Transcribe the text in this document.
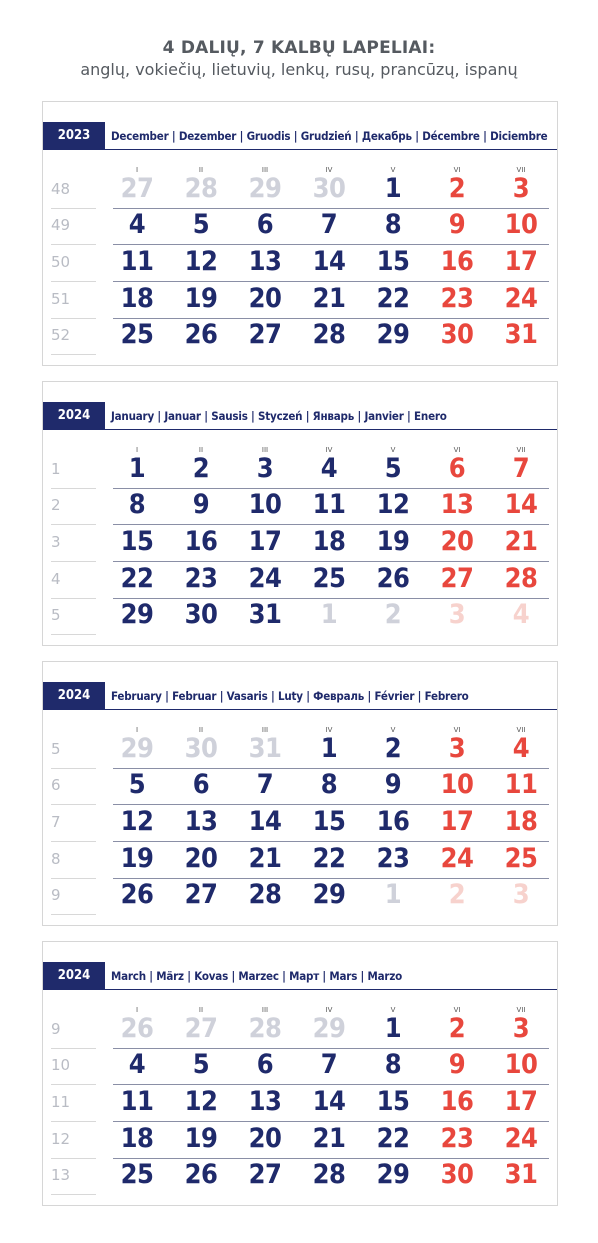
4 DALIŲ, 7 KALBŲ LAPELIAI:
anglų, vokiečių, lietuvių, lenkų, rusų, prancūzų, ispanų
2023	December | Dezember | Gruodis | Grudzień | Декабрь | Décembre | Diciembre
I	II	III	IV	V	VI	VII
48	27	28	29	30	1	2	3
49	4	5	6	7	8	9	10
50	11	12	13	14	15	16	17
51	18	19	20	21	22	23	24
52	25	26	27	28	29	30	31
2024	January | Januar | Sausis | Styczeń | Январь | Janvier | Enero
I	II	III	IV	V	VI	VII
1	1	2	3	4	5	6	7
2	8	9	10	11	12	13	14
3	15	16	17	18	19	20	21
4	22	23	24	25	26	27	28
5	29	30	31	1	2	3	4
2024	February | Februar | Vasaris | Luty | Февраль | Février | Febrero
I	II	III	IV	V	VI	VII
5	29	30	31	1	2	3	4
6	5	6	7	8	9	10	11
7	12	13	14	15	16	17	18
8	19	20	21	22	23	24	25
9	26	27	28	29	1	2	3
2024	March | März | Kovas | Marzec | Март | Mars | Marzo
I	II	III	IV	V	VI	VII
9	26	27	28	29	1	2	3
10	4	5	6	7	8	9	10
11	11	12	13	14	15	16	17
12	18	19	20	21	22	23	24
13	25	26	27	28	29	30	31
